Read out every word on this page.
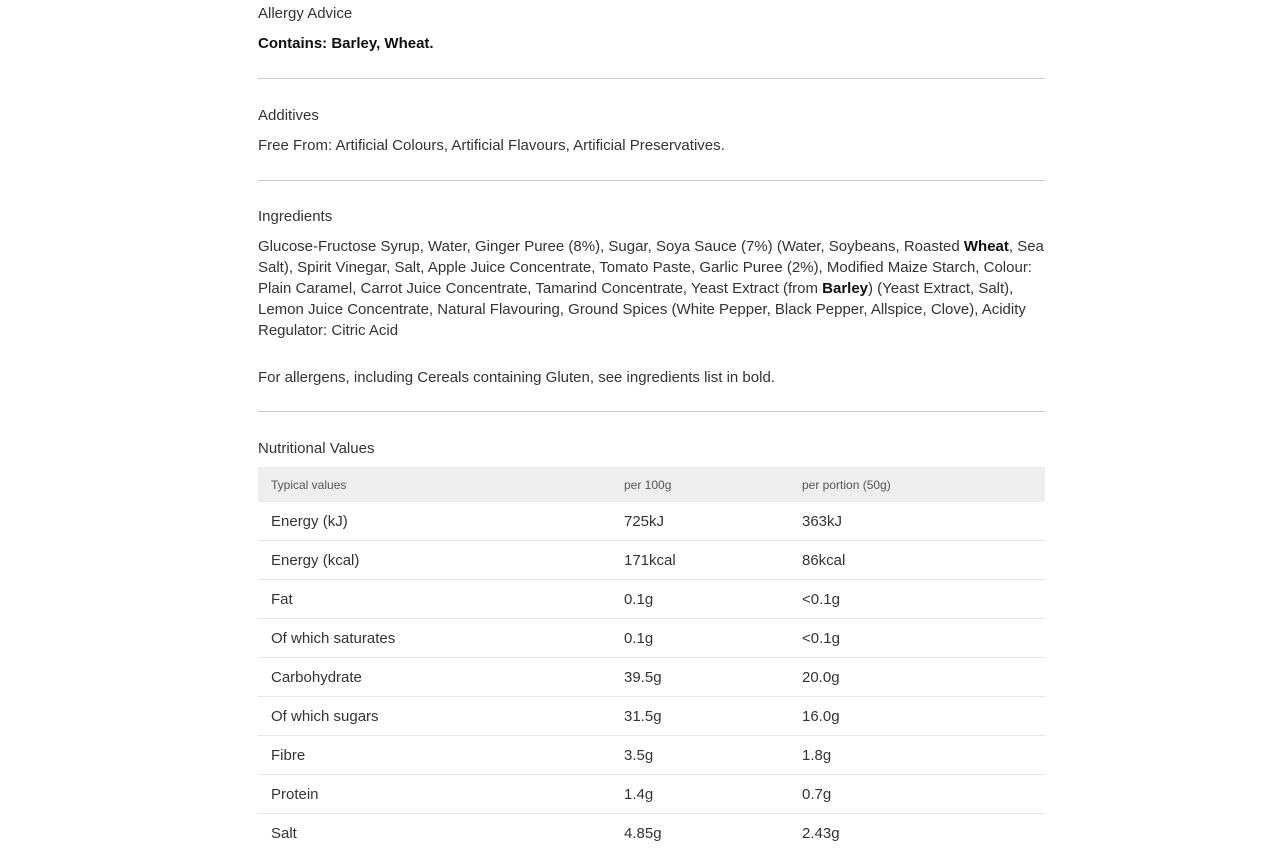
Allergy Advice

Contains: Barley, Wheat.

Additives

Free From: Artificial Colours, Artificial Flavours, Artificial Preservatives.

Ingredients

Glucose-Fructose Syrup, Water, Ginger Puree (8%), Sugar, Soya Sauce (7%) (Water, Soybeans, Roasted Wheat, Sea Salt), Spirit Vinegar, Salt, Apple Juice Concentrate, Tomato Paste, Garlic Puree (2%), Modified Maize Starch, Colour: Plain Caramel, Carrot Juice Concentrate, Tamarind Concentrate, Yeast Extract (from Barley) (Yeast Extract, Salt), Lemon Juice Concentrate, Natural Flavouring, Ground Spices (White Pepper, Black Pepper, Allspice, Clove), Acidity Regulator: Citric Acid

For allergens, including Cereals containing Gluten, see ingredients list in bold.

Nutritional Values

Typical values	per 100g	per portion (50g)
Energy (kJ)	725kJ	363kJ
Energy (kcal)	171kcal	86kcal
Fat	0.1g	<0.1g
Of which saturates	0.1g	<0.1g
Carbohydrate	39.5g	20.0g
Of which sugars	31.5g	16.0g
Fibre	3.5g	1.8g
Protein	1.4g	0.7g
Salt	4.85g	2.43g
